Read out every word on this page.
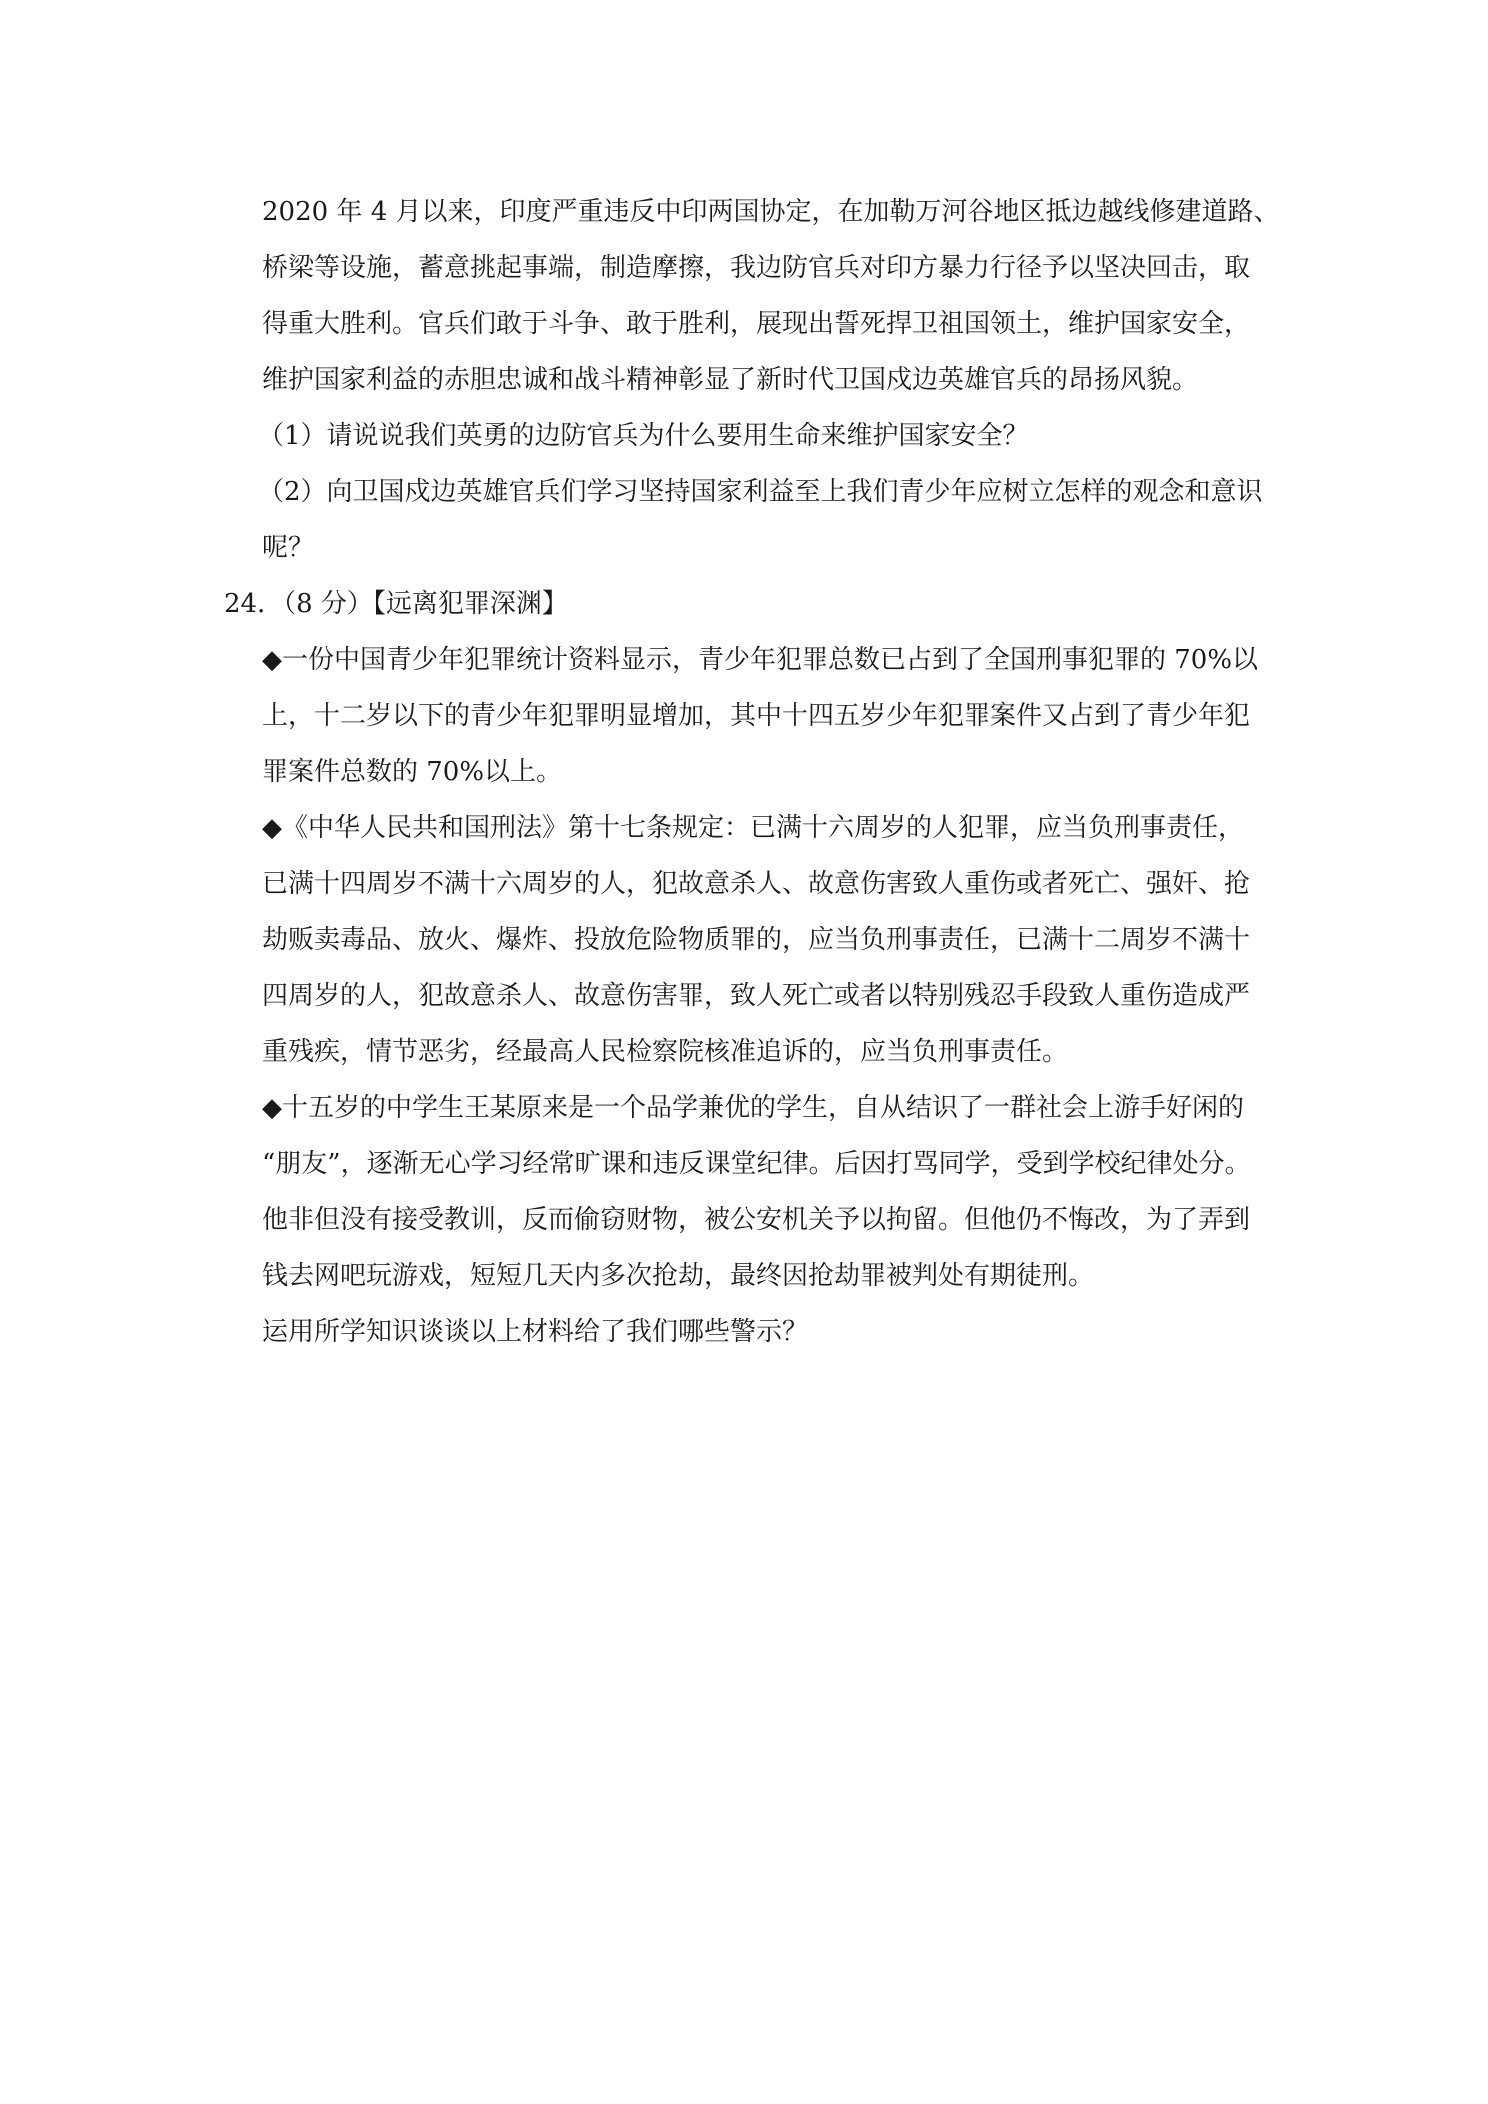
2020 年 4 月以来，印度严重违反中印两国协定，在加勒万河谷地区抵边越线修建道路、
桥梁等设施，蓄意挑起事端，制造摩擦，我边防官兵对印方暴力行径予以坚决回击，取
得重大胜利。官兵们敢于斗争、敢于胜利，展现出誓死捍卫祖国领土，维护国家安全，
维护国家利益的赤胆忠诚和战斗精神彰显了新时代卫国戍边英雄官兵的昂扬风貌。
（1）请说说我们英勇的边防官兵为什么要用生命来维护国家安全？
（2）向卫国戍边英雄官兵们学习坚持国家利益至上我们青少年应树立怎样的观念和意识
呢？
24．（8 分）【远离犯罪深渊】
◆一份中国青少年犯罪统计资料显示，青少年犯罪总数已占到了全国刑事犯罪的 70%以
上，十二岁以下的青少年犯罪明显增加，其中十四五岁少年犯罪案件又占到了青少年犯
罪案件总数的 70%以上。
◆《中华人民共和国刑法》第十七条规定：已满十六周岁的人犯罪，应当负刑事责任，
已满十四周岁不满十六周岁的人，犯故意杀人、故意伤害致人重伤或者死亡、强奸、抢
劫贩卖毒品、放火、爆炸、投放危险物质罪的，应当负刑事责任，已满十二周岁不满十
四周岁的人，犯故意杀人、故意伤害罪，致人死亡或者以特别残忍手段致人重伤造成严
重残疾，情节恶劣，经最高人民检察院核准追诉的，应当负刑事责任。
◆十五岁的中学生王某原来是一个品学兼优的学生，自从结识了一群社会上游手好闲的
“朋友”，逐渐无心学习经常旷课和违反课堂纪律。后因打骂同学，受到学校纪律处分。
他非但没有接受教训，反而偷窃财物，被公安机关予以拘留。但他仍不悔改，为了弄到
钱去网吧玩游戏，短短几天内多次抢劫，最终因抢劫罪被判处有期徒刑。
运用所学知识谈谈以上材料给了我们哪些警示？
